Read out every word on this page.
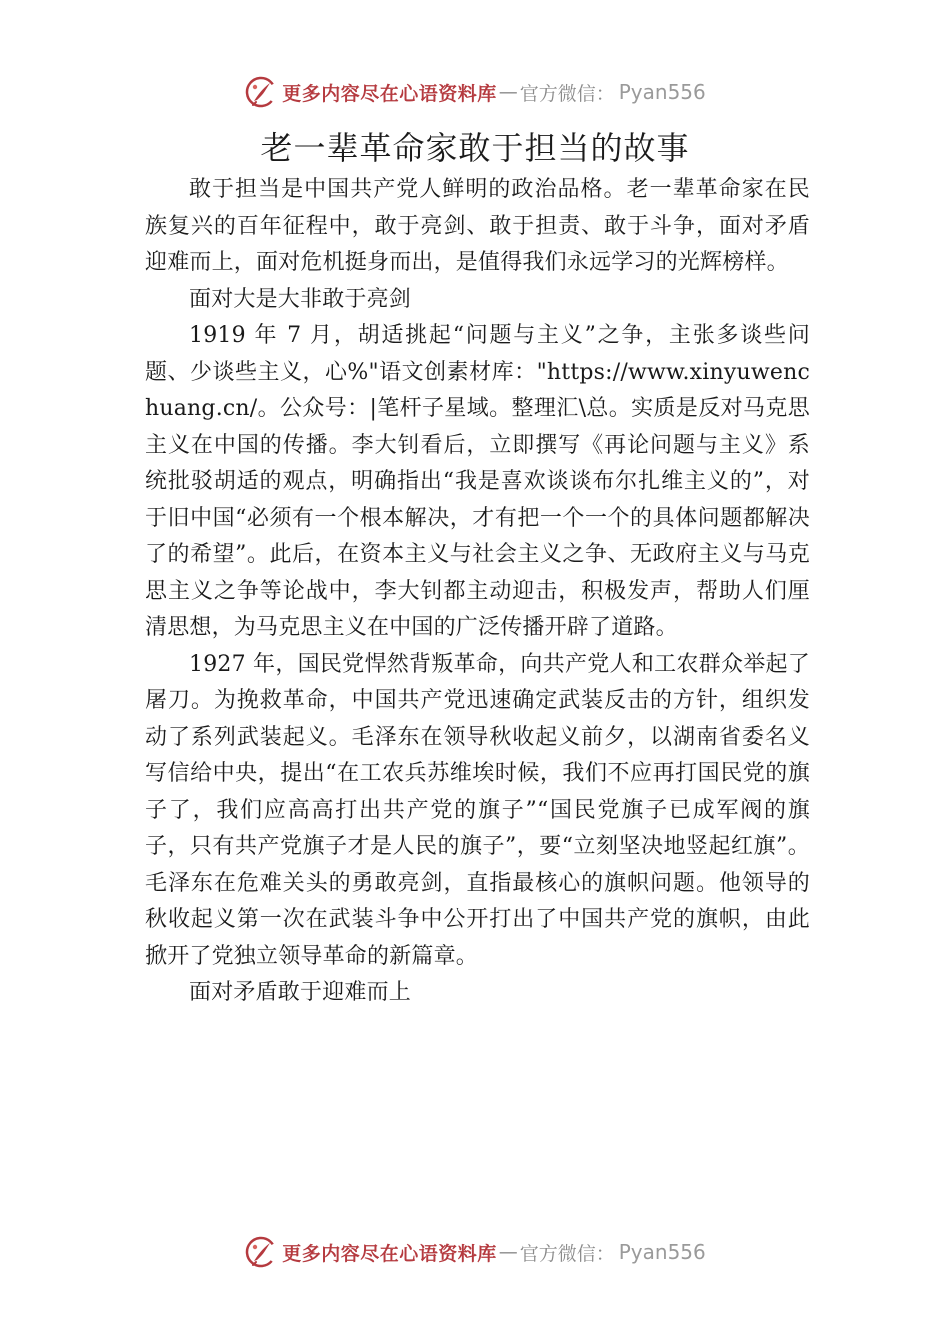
更多内容尽在心语资料库 — 官方微信： Pyan556
老一辈革命家敢于担当的故事

敢于担当是中国共产党人鲜明的政治品格。老一辈革命家在民族复兴的百年征程中，敢于亮剑、敢于担责、敢于斗争，面对矛盾迎难而上，面对危机挺身而出，是值得我们永远学习的光辉榜样。

面对大是大非敢于亮剑

1919 年 7 月，胡适挑起“问题与主义”之争，主张多谈些问题、少谈些主义，心%"语文创素材库："https://www.xinyuwenchuang.cn/。公众号：|笔杆子星域。整理汇\总。实质是反对马克思主义在中国的传播。李大钊看后，立即撰写《再论问题与主义》系统批驳胡适的观点，明确指出“我是喜欢谈谈布尔扎维主义的”，对于旧中国“必须有一个根本解决，才有把一个一个的具体问题都解决了的希望”。此后，在资本主义与社会主义之争、无政府主义与马克思主义之争等论战中，李大钊都主动迎击，积极发声，帮助人们厘清思想，为马克思主义在中国的广泛传播开辟了道路。

1927 年，国民党悍然背叛革命，向共产党人和工农群众举起了屠刀。为挽救革命，中国共产党迅速确定武装反击的方针，组织发动了系列武装起义。毛泽东在领导秋收起义前夕，以湖南省委名义写信给中央，提出“在工农兵苏维埃时候，我们不应再打国民党的旗子了，我们应高高打出共产党的旗子”“国民党旗子已成军阀的旗子，只有共产党旗子才是人民的旗子”，要“立刻坚决地竖起红旗”。毛泽东在危难关头的勇敢亮剑，直指最核心的旗帜问题。他领导的秋收起义第一次在武装斗争中公开打出了中国共产党的旗帜，由此掀开了党独立领导革命的新篇章。

面对矛盾敢于迎难而上

更多内容尽在心语资料库 — 官方微信： Pyan556
